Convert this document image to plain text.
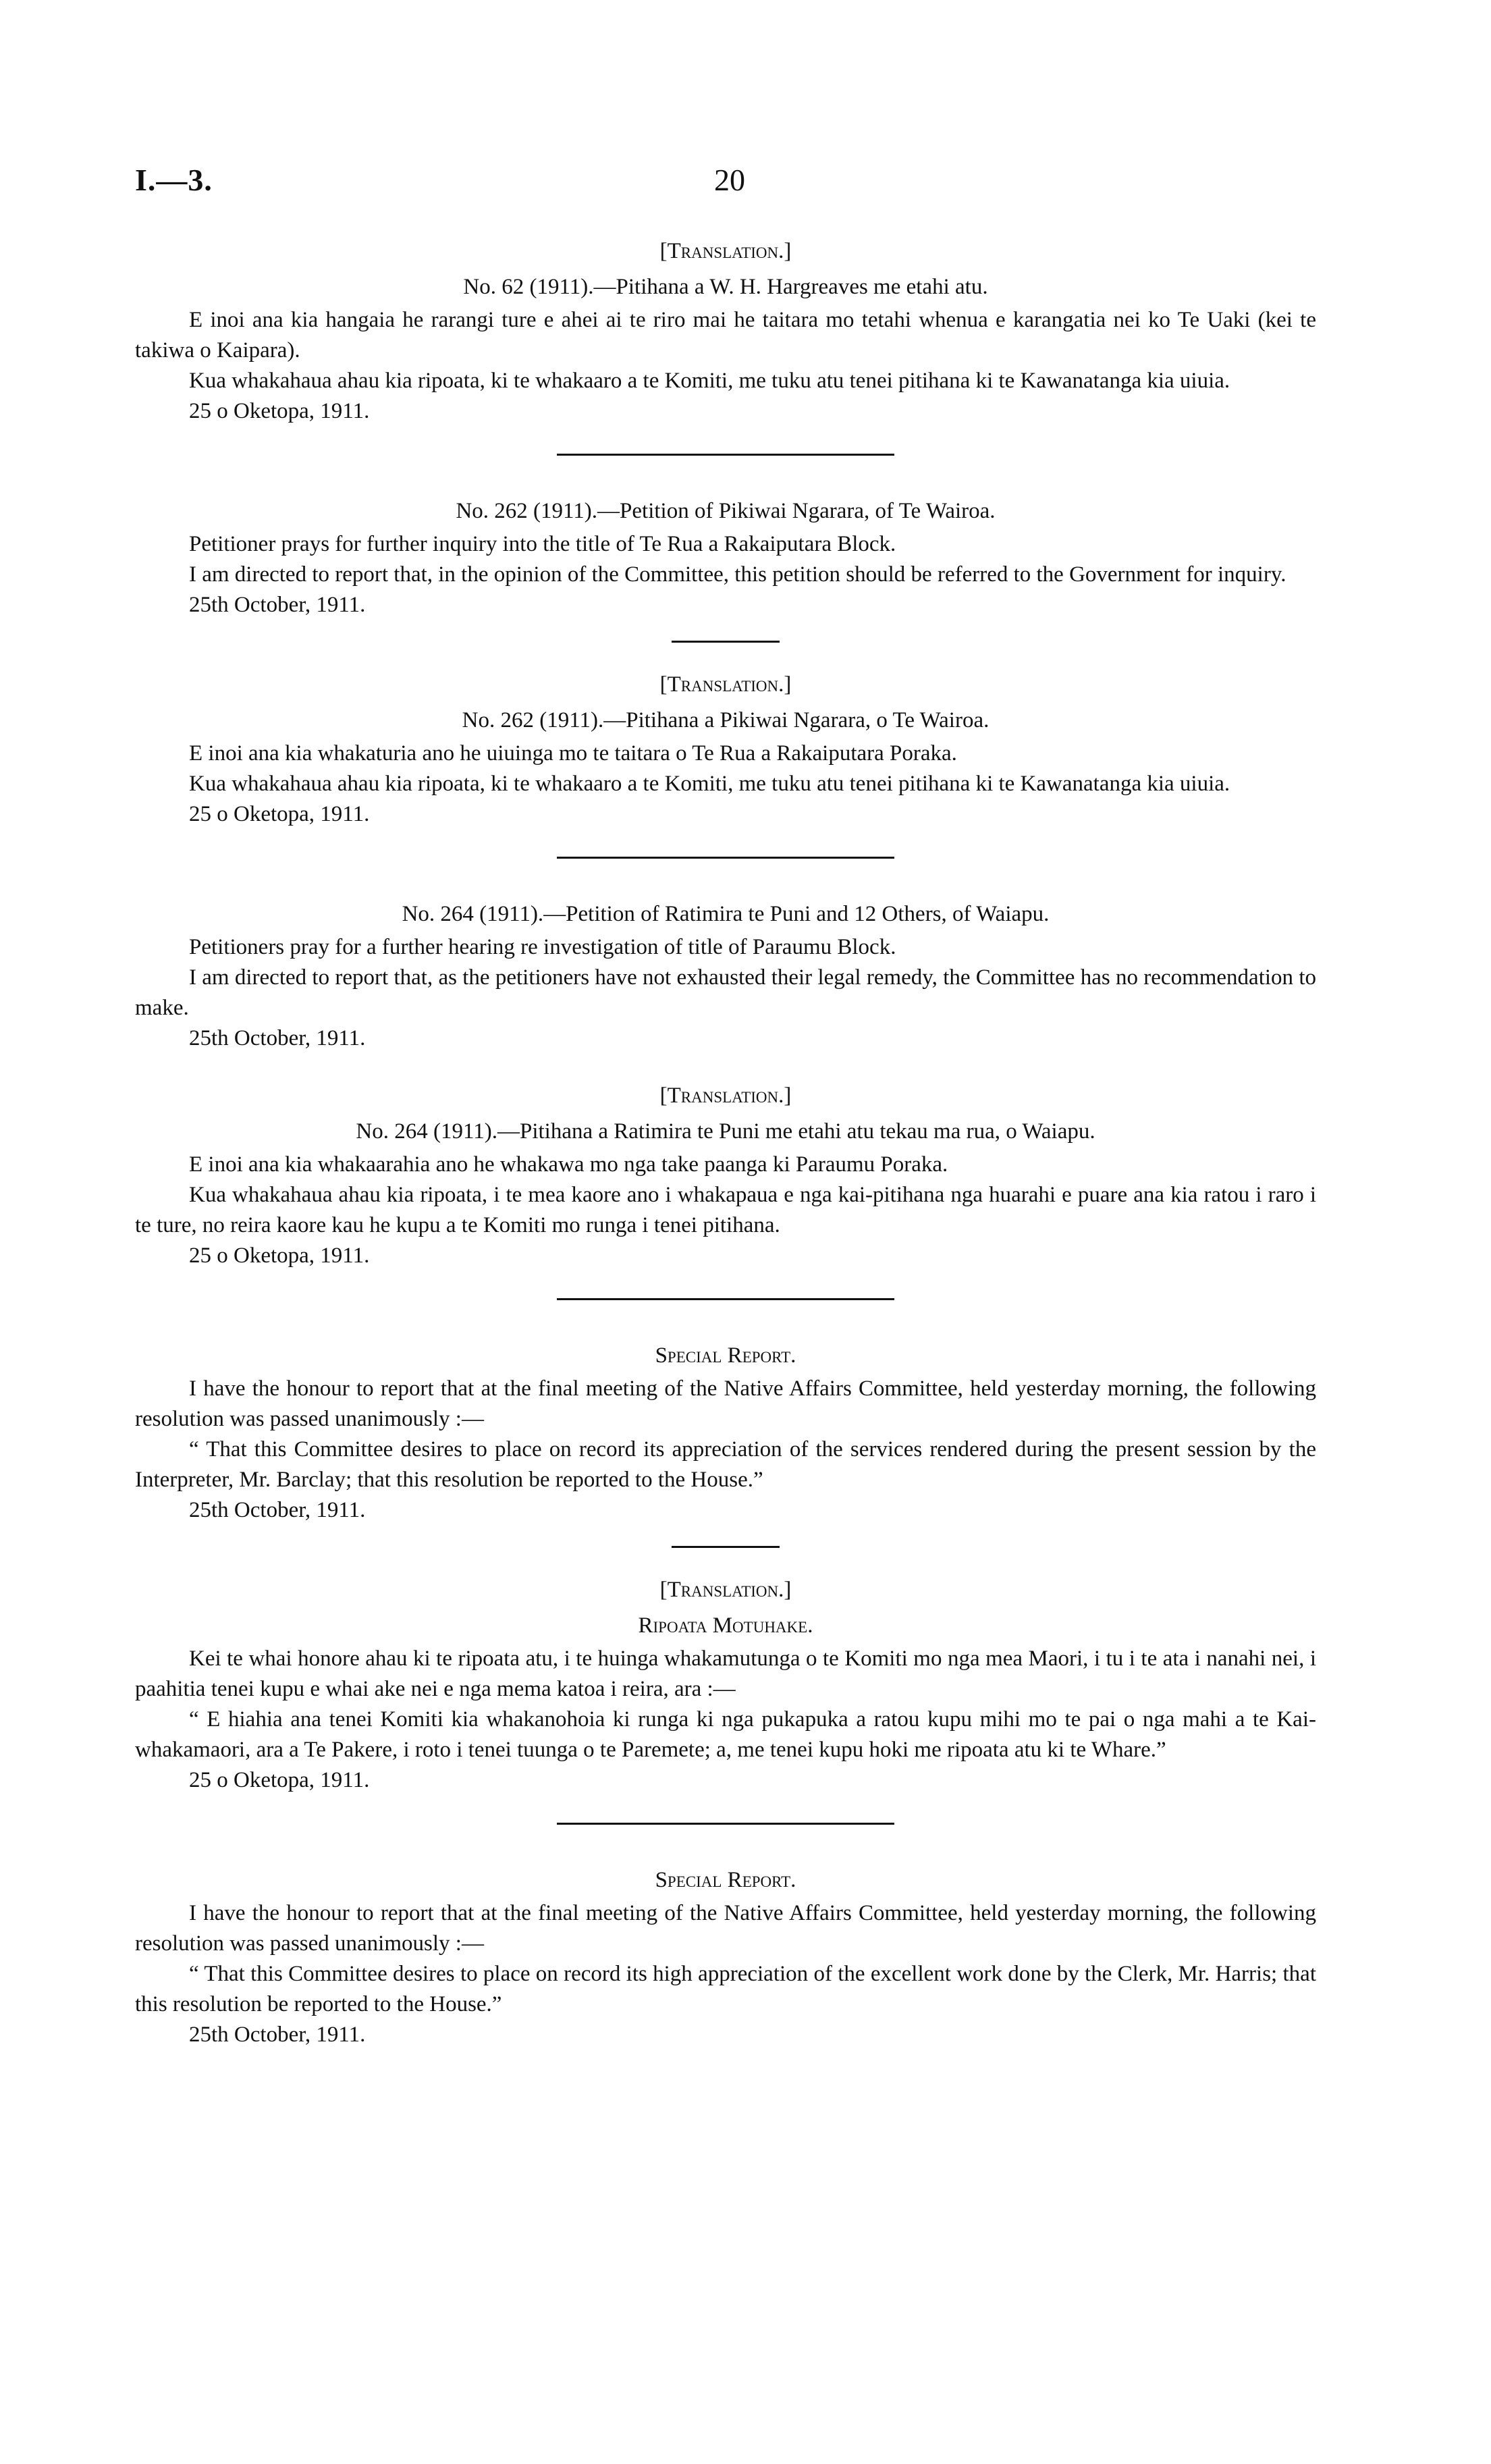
I.—3.	20

[Translation.]

No. 62 (1911).—Pitihana a W. H. Hargreaves me etahi atu.

E inoi ana kia hangaia he rarangi ture e ahei ai te riro mai he taitara mo tetahi whenua e karangatia nei ko Te Uaki (kei te takiwa o Kaipara).

Kua whakahaua ahau kia ripoata, ki te whakaaro a te Komiti, me tuku atu tenei pitihana ki te Kawanatanga kia uiuia.

25 o Oketopa, 1911.

No. 262 (1911).—Petition of Pikiwai Ngarara, of Te Wairoa.

Petitioner prays for further inquiry into the title of Te Rua a Rakaiputara Block.

I am directed to report that, in the opinion of the Committee, this petition should be referred to the Government for inquiry.

25th October, 1911.

[Translation.]

No. 262 (1911).—Pitihana a Pikiwai Ngarara, o Te Wairoa.

E inoi ana kia whakaturia ano he uiuinga mo te taitara o Te Rua a Rakaiputara Poraka.

Kua whakahaua ahau kia ripoata, ki te whakaaro a te Komiti, me tuku atu tenei pitihana ki te Kawanatanga kia uiuia.

25 o Oketopa, 1911.

No. 264 (1911).—Petition of Ratimira te Puni and 12 Others, of Waiapu.

Petitioners pray for a further hearing re investigation of title of Paraumu Block.

I am directed to report that, as the petitioners have not exhausted their legal remedy, the Committee has no recommendation to make.

25th October, 1911.

[Translation.]

No. 264 (1911).—Pitihana a Ratimira te Puni me etahi atu tekau ma rua, o Waiapu.

E inoi ana kia whakaarahia ano he whakawa mo nga take paanga ki Paraumu Poraka.

Kua whakahaua ahau kia ripoata, i te mea kaore ano i whakapaua e nga kai-pitihana nga huarahi e puare ana kia ratou i raro i te ture, no reira kaore kau he kupu a te Komiti mo runga i tenei pitihana.

25 o Oketopa, 1911.

Special Report.

I have the honour to report that at the final meeting of the Native Affairs Committee, held yesterday morning, the following resolution was passed unanimously :—

“ That this Committee desires to place on record its appreciation of the services rendered during the present session by the Interpreter, Mr. Barclay; that this resolution be reported to the House.”

25th October, 1911.

[Translation.]

Ripoata Motuhake.

Kei te whai honore ahau ki te ripoata atu, i te huinga whakamutunga o te Komiti mo nga mea Maori, i tu i te ata i nanahi nei, i paahitia tenei kupu e whai ake nei e nga mema katoa i reira, ara :—

“ E hiahia ana tenei Komiti kia whakanohoia ki runga ki nga pukapuka a ratou kupu mihi mo te pai o nga mahi a te Kai-whakamaori, ara a Te Pakere, i roto i tenei tuunga o te Paremete; a, me tenei kupu hoki me ripoata atu ki te Whare.”

25 o Oketopa, 1911.

Special Report.

I have the honour to report that at the final meeting of the Native Affairs Committee, held yesterday morning, the following resolution was passed unanimously :—

“ That this Committee desires to place on record its high appreciation of the excellent work done by the Clerk, Mr. Harris; that this resolution be reported to the House.”

25th October, 1911.
